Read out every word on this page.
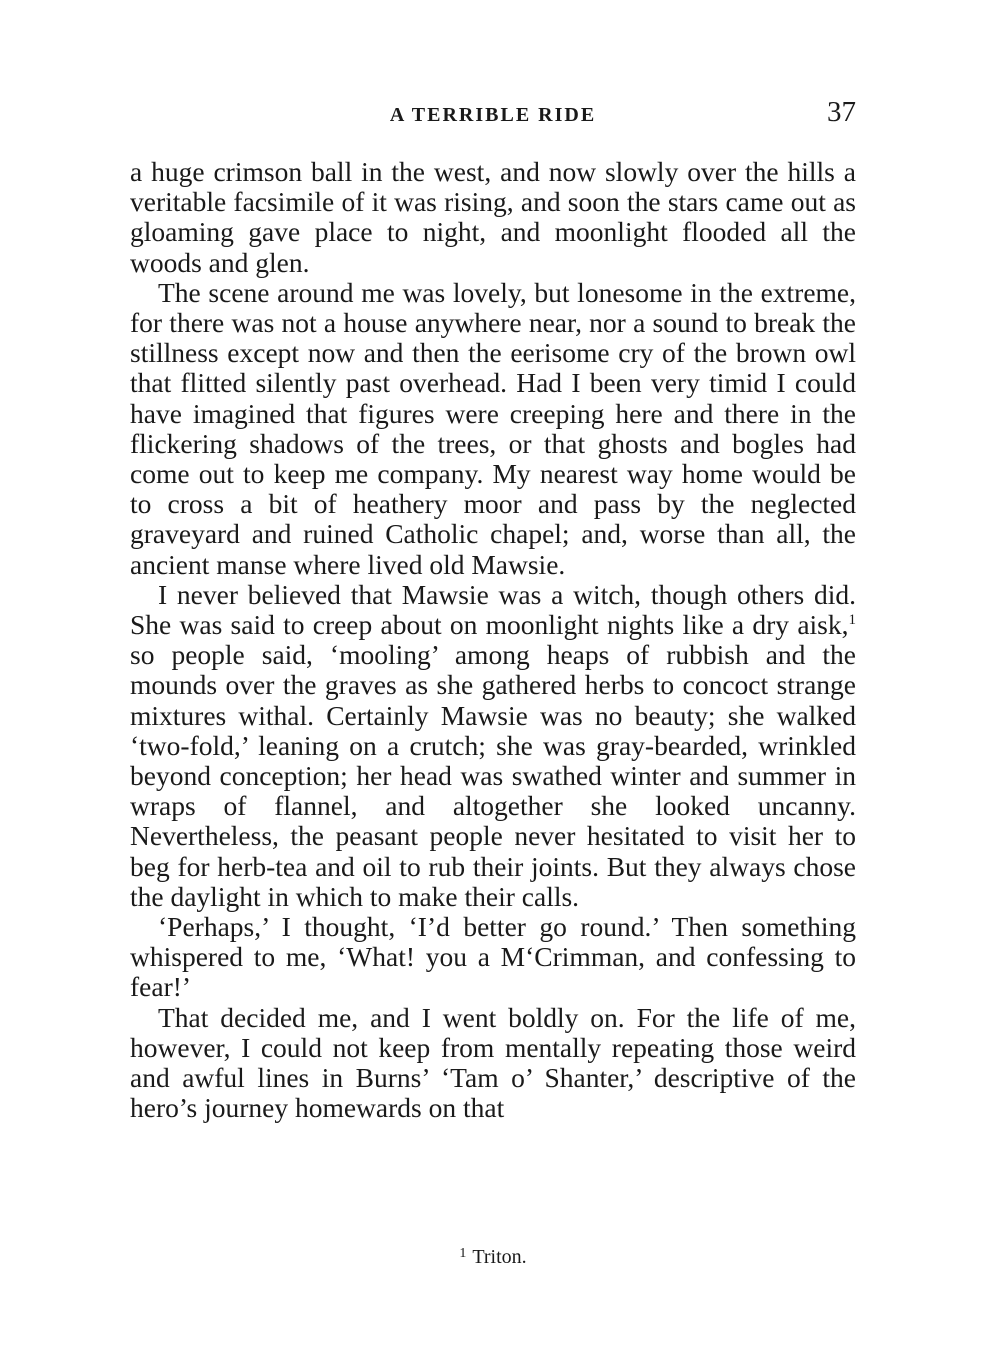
A TERRIBLE RIDE	37

a huge crimson ball in the west, and now slowly over the hills a veritable facsimile of it was rising, and soon the stars came out as gloaming gave place to night, and moonlight flooded all the woods and glen.

The scene around me was lovely, but lonesome in the extreme, for there was not a house anywhere near, nor a sound to break the stillness except now and then the eerisome cry of the brown owl that flitted silently past overhead. Had I been very timid I could have imagined that figures were creeping here and there in the flickering shadows of the trees, or that ghosts and bogles had come out to keep me company. My nearest way home would be to cross a bit of heathery moor and pass by the neglected graveyard and ruined Catholic chapel; and, worse than all, the ancient manse where lived old Mawsie.

I never believed that Mawsie was a witch, though others did. She was said to creep about on moonlight nights like a dry aisk,$^1$ so people said, ‘mooling’ among heaps of rubbish and the mounds over the graves as she gathered herbs to concoct strange mixtures withal. Certainly Mawsie was no beauty; she walked ‘two-fold,’ leaning on a crutch; she was gray-bearded, wrinkled beyond conception; her head was swathed winter and summer in wraps of flannel, and altogether she looked uncanny. Nevertheless, the peasant people never hesitated to visit her to beg for herb-tea and oil to rub their joints. But they always chose the daylight in which to make their calls.

‘Perhaps,’ I thought, ‘I’d better go round.’ Then something whispered to me, ‘What! you a M‘Crimman, and confessing to fear!’

That decided me, and I went boldly on. For the life of me, however, I could not keep from mentally repeating those weird and awful lines in Burns’ ‘Tam o’ Shanter,’ descriptive of the hero’s journey homewards on that

$^1$ Triton.
